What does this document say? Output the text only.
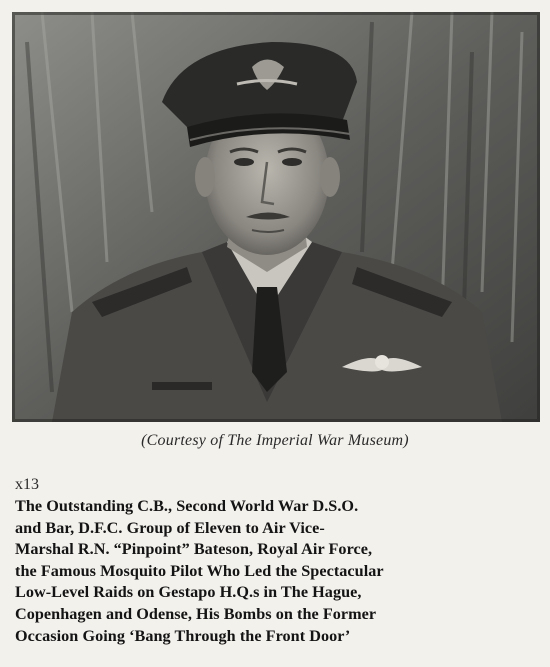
(Courtesy of The Imperial War Museum)
x13
The Outstanding C.B., Second World War D.S.O.
and Bar, D.F.C. Group of Eleven to Air Vice-
Marshal R.N. “Pinpoint” Bateson, Royal Air Force,
the Famous Mosquito Pilot Who Led the Spectacular
Low-Level Raids on Gestapo H.Q.s in The Hague,
Copenhagen and Odense, His Bombs on the Former
Occasion Going ‘Bang Through the Front Door’
